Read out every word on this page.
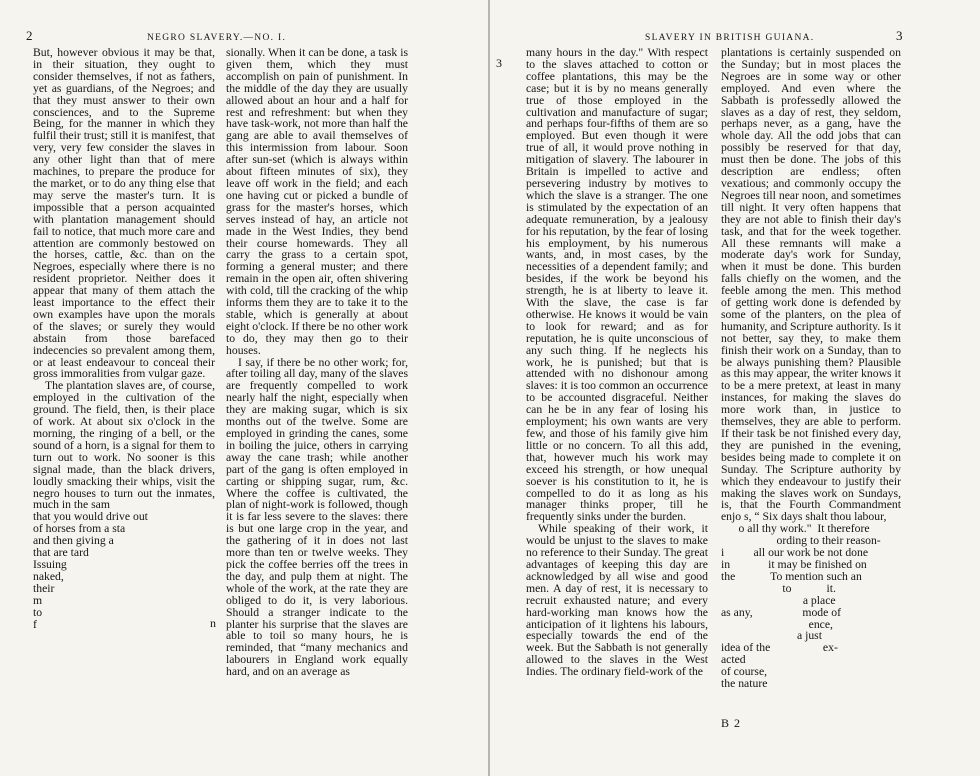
2	NEGRO SLAVERY.—NO. I.

But, however obvious it may be that, in their situation, they ought to consider themselves, if not as fathers, yet as guardians, of the Negroes; and that they must answer to their own consciences, and to the Supreme Being, for the manner in which they fulfil their trust; still it is manifest, that very, very few consider the slaves in any other light than that of mere machines, to prepare the produce for the market, or to do any thing else that may serve the master's turn. It is impossible that a person acquainted with plantation management should fail to notice, that much more care and attention are commonly bestowed on the horses, cattle, &c. than on the Negroes, especially where there is no resident proprietor. Neither does it appear that many of them attach the least importance to the effect their own examples have upon the morals of the slaves; or surely they would abstain from those barefaced indecencies so prevalent among them, or at least endeavour to conceal their gross immoralities from vulgar gaze.

The plantation slaves are, of course, employed in the cultivation of the ground. The field, then, is their place of work. At about six o'clock in the morning, the ringing of a bell, or the sound of a horn, is a signal for them to turn out to work. No sooner is this signal made, than the black drivers, loudly smacking their whips, visit the negro houses to turn out the inmates, much in the sam

that you would drive out
of horses from a sta
and then giving a
that are tard
Issuing
naked,
their
m
to
f	n

sionally. When it can be done, a task is given them, which they must accomplish on pain of punishment. In the middle of the day they are usually allowed about an hour and a half for rest and refreshment: but when they have task-work, not more than half the gang are able to avail themselves of this intermission from labour. Soon after sun-set (which is always within about fifteen minutes of six), they leave off work in the field; and each one having cut or picked a bundle of grass for the master's horses, which serves instead of hay, an article not made in the West Indies, they bend their course homewards. They all carry the grass to a certain spot, forming a general muster; and there remain in the open air, often shivering with cold, till the cracking of the whip informs them they are to take it to the stable, which is generally at about eight o'clock. If there be no other work to do, they may then go to their houses.

I say, if there be no other work; for, after toiling all day, many of the slaves are frequently compelled to work nearly half the night, especially when they are making sugar, which is six months out of the twelve. Some are employed in grinding the canes, some in boiling the juice, others in carrying away the cane trash; while another part of the gang is often employed in carting or shipping sugar, rum, &c. Where the coffee is cultivated, the plan of night-work is followed, though it is far less severe to the slaves: there is but one large crop in the year, and the gathering of it in does not last more than ten or twelve weeks. They pick the coffee berries off the trees in the day, and pulp them at night. The whole of the work, at the rate they are obliged to do it, is very laborious. Should a stranger indicate to the planter his surprise that the slaves are able to toil so many hours, he is reminded, that “many mechanics and labourers in England work equally hard, and on an average as

3
3
SLAVERY IN BRITISH GUIANA.

many hours in the day." With respect to the slaves attached to cotton or coffee plantations, this may be the case; but it is by no means generally true of those employed in the cultivation and manufacture of sugar; and perhaps four-fifths of them are so employed. But even though it were true of all, it would prove nothing in mitigation of slavery. The labourer in Britain is impelled to active and persevering industry by motives to which the slave is a stranger. The one is stimulated by the expectation of an adequate remuneration, by a jealousy for his reputation, by the fear of losing his employment, by his numerous wants, and, in most cases, by the necessities of a dependent family; and besides, if the work be beyond his strength, he is at liberty to leave it. With the slave, the case is far otherwise. He knows it would be vain to look for reward; and as for reputation, he is quite unconscious of any such thing. If he neglects his work, he is punished; but that is attended with no dishonour among slaves: it is too common an occurrence to be accounted disgraceful. Neither can he be in any fear of losing his employment; his own wants are very few, and those of his family give him little or no concern. To all this add, that, however much his work may exceed his strength, or how unequal soever is his constitution to it, he is compelled to do it as long as his manager thinks proper, till he frequently sinks under the burden.

While speaking of their work, it would be unjust to the slaves to make no reference to their Sunday. The great advantages of keeping this day are acknowledged by all wise and good men. A day of rest, it is necessary to recruit exhausted nature; and every hard-working man knows how the anticipation of it lightens his labours, especially towards the end of the week. But the Sabbath is not generally allowed to the slaves in the West Indies. The ordinary field-work of the

plantations is certainly suspended on the Sunday; but in most places the Negroes are in some way or other employed. And even where the Sabbath is professedly allowed the slaves as a day of rest, they seldom, perhaps never, as a gang, have the whole day. All the odd jobs that can possibly be reserved for that day, must then be done. The jobs of this description are endless; often vexatious; and commonly occupy the Negroes till near noon, and sometimes till night. It very often happens that they are not able to finish their day's task, and that for the week together. All these remnants will make a moderate day's work for Sunday, when it must be done. This burden falls chiefly on the women, and the feeble among the men. This method of getting work done is defended by some of the planters, on the plea of humanity, and Scripture authority. Is it not better, say they, to make them finish their work on a Sunday, than to be always punishing them? Plausible as this may appear, the writer knows it to be a mere pretext, at least in many instances, for making the slaves do more work than, in justice to themselves, they are able to perform. If their task be not finished every day, they are punished in the evening, besides being made to complete it on Sunday. The Scripture authority by which they endeavour to justify their making the slaves work on Sundays, is, that the Fourth Commandment enjo s, “ Six days shalt thou labour,

o all thy work."  It therefore
ording to their reason-
i          all our work be not done
in             it may be finished on
the            To mention such an
to            it.
a place
as any,                 mode of
ence,
a just
idea of the                  ex-
acted
of course,
the nature
B 2
